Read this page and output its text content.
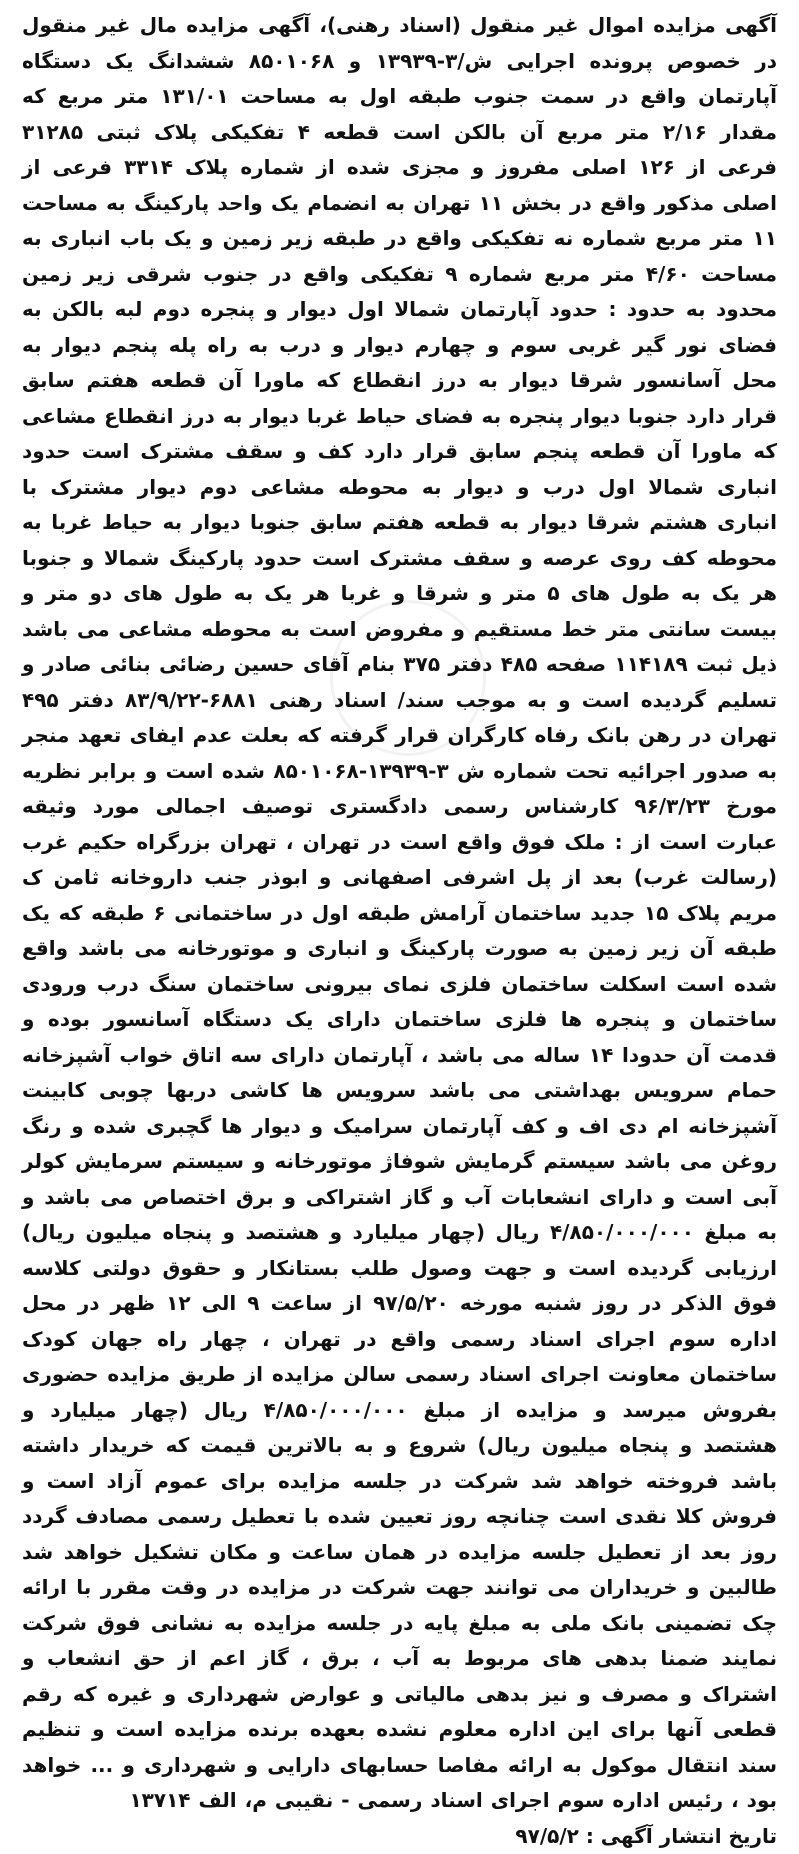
آگهی مزایده اموال غیر منقول (اسناد رهنی)، آگهی مزایده مال غیر منقول در خصوص پرونده اجرایی ش/۳-۱۳۹۳۹ و ۸۵۰۱۰۶۸ ششدانگ یک دستگاه آپارتمان واقع در سمت جنوب طبقه اول به مساحت ۱۳۱/۰۱ متر مربع که مقدار ۲/۱۶ متر مربع آن بالکن است قطعه ۴ تفکیکی پلاک ثبتی ۳۱۲۸۵ فرعی از ۱۲۶ اصلی مفروز و مجزی شده از شماره پلاک ۳۳۱۴ فرعی از اصلی مذکور واقع در بخش ۱۱ تهران به انضمام یک واحد پارکینگ به مساحت ۱۱ متر مربع شماره نه تفکیکی واقع در طبقه زیر زمین و یک باب انباری به مساحت ۴/۶۰ متر مربع شماره ۹ تفکیکی واقع در جنوب شرقی زیر زمین محدود به حدود : حدود آپارتمان شمالا اول دیوار و پنجره دوم لبه بالکن به فضای نور گیر غربی سوم و چهارم دیوار و درب به راه پله پنجم دیوار به محل آسانسور شرقا دیوار به درز انقطاع که ماورا آن قطعه هفتم سابق قرار دارد جنوبا دیوار پنجره به فضای حیاط غربا دیوار به درز انقطاع مشاعی که ماورا آن قطعه پنجم سابق قرار دارد کف و سقف مشترک است حدود انباری شمالا اول درب و دیوار به محوطه مشاعی دوم دیوار مشترک با انباری هشتم شرقا دیوار به قطعه هفتم سابق جنوبا دیوار به حیاط غربا به محوطه کف روی عرصه و سقف مشترک است حدود پارکینگ شمالا و جنوبا هر یک به طول های ۵ متر و شرقا و غربا هر یک به طول های دو متر و بیست سانتی متر خط مستقیم و مفروض است به محوطه مشاعی می باشد ذیل ثبت ۱۱۴۱۸۹ صفحه ۴۸۵ دفتر ۳۷۵ بنام آقای حسین رضائی بنائی صادر و تسلیم گردیده است و به موجب سند/ اسناد رهنی ۶۸۸۱-۸۳/۹/۲۲ دفتر ۴۹۵ تهران در رهن بانک رفاه کارگران قرار گرفته که بعلت عدم ایفای تعهد منجر به صدور اجرائیه تحت شماره ش ۳-۱۳۹۳۹-۸۵۰۱۰۶۸ شده است و برابر نظریه مورخ ۹۶/۳/۲۳ کارشناس رسمی دادگستری توصیف اجمالی مورد وثیقه عبارت است از : ملک فوق واقع است در تهران ، تهران بزرگراه حکیم غرب (رسالت غرب) بعد از پل اشرفی اصفهانی و ابوذر جنب داروخانه ثامن ک مریم پلاک ۱۵ جدید ساختمان آرامش طبقه اول در ساختمانی ۶ طبقه که یک طبقه آن زیر زمین به صورت پارکینگ و انباری و موتورخانه می باشد واقع شده است اسکلت ساختمان فلزی نمای بیرونی ساختمان سنگ درب ورودی ساختمان و پنجره ها فلزی ساختمان دارای یک دستگاه آسانسور بوده و قدمت آن حدودا ۱۴ ساله می باشد ، آپارتمان دارای سه اتاق خواب آشپزخانه حمام سرویس بهداشتی می باشد سرویس ها کاشی دربها چوبی کابینت آشپزخانه ام دی اف و کف آپارتمان سرامیک و دیوار ها گچبری شده و رنگ روغن می باشد سیستم گرمایش شوفاژ موتورخانه و سیستم سرمایش کولر آبی است و دارای انشعابات آب و گاز اشتراکی و برق اختصاص می باشد و به مبلغ ۴/۸۵۰/۰۰۰/۰۰۰ ریال (چهار میلیارد و هشتصد و پنجاه میلیون ریال) ارزیابی گردیده است و جهت وصول طلب بستانکار و حقوق دولتی کلاسه فوق الذکر در روز شنبه مورخه ۹۷/۵/۲۰ از ساعت ۹ الی ۱۲ ظهر در محل اداره سوم اجرای اسناد رسمی واقع در تهران ، چهار راه جهان کودک ساختمان معاونت اجرای اسناد رسمی سالن مزایده از طریق مزایده حضوری بفروش میرسد و مزایده از مبلغ ۴/۸۵۰/۰۰۰/۰۰۰ ریال (چهار میلیارد و هشتصد و پنجاه میلیون ریال) شروع و به بالاترین قیمت که خریدار داشته باشد فروخته خواهد شد شرکت در جلسه مزایده برای عموم آزاد است و فروش کلا نقدی است چنانچه روز تعیین شده با تعطیل رسمی مصادف گردد روز بعد از تعطیل جلسه مزایده در همان ساعت و مکان تشکیل خواهد شد طالبین و خریداران می توانند جهت شرکت در مزایده در وقت مقرر با ارائه چک تضمینی بانک ملی به مبلغ پایه در جلسه مزایده به نشانی فوق شرکت نمایند ضمنا بدهی های مربوط به آب ، برق ، گاز اعم از حق انشعاب و اشتراک و مصرف و نیز بدهی مالیاتی و عوارض شهرداری و غیره که رقم قطعی آنها برای این اداره معلوم نشده بعهده برنده مزایده است و تنظیم سند انتقال موکول به ارائه مفاصا حسابهای دارایی و شهرداری و ... خواهد بود ، رئیس اداره سوم اجرای اسناد رسمی - نقیبی م، الف ۱۳۷۱۴

تاریخ انتشار آگهی : ۹۷/۵/۲
